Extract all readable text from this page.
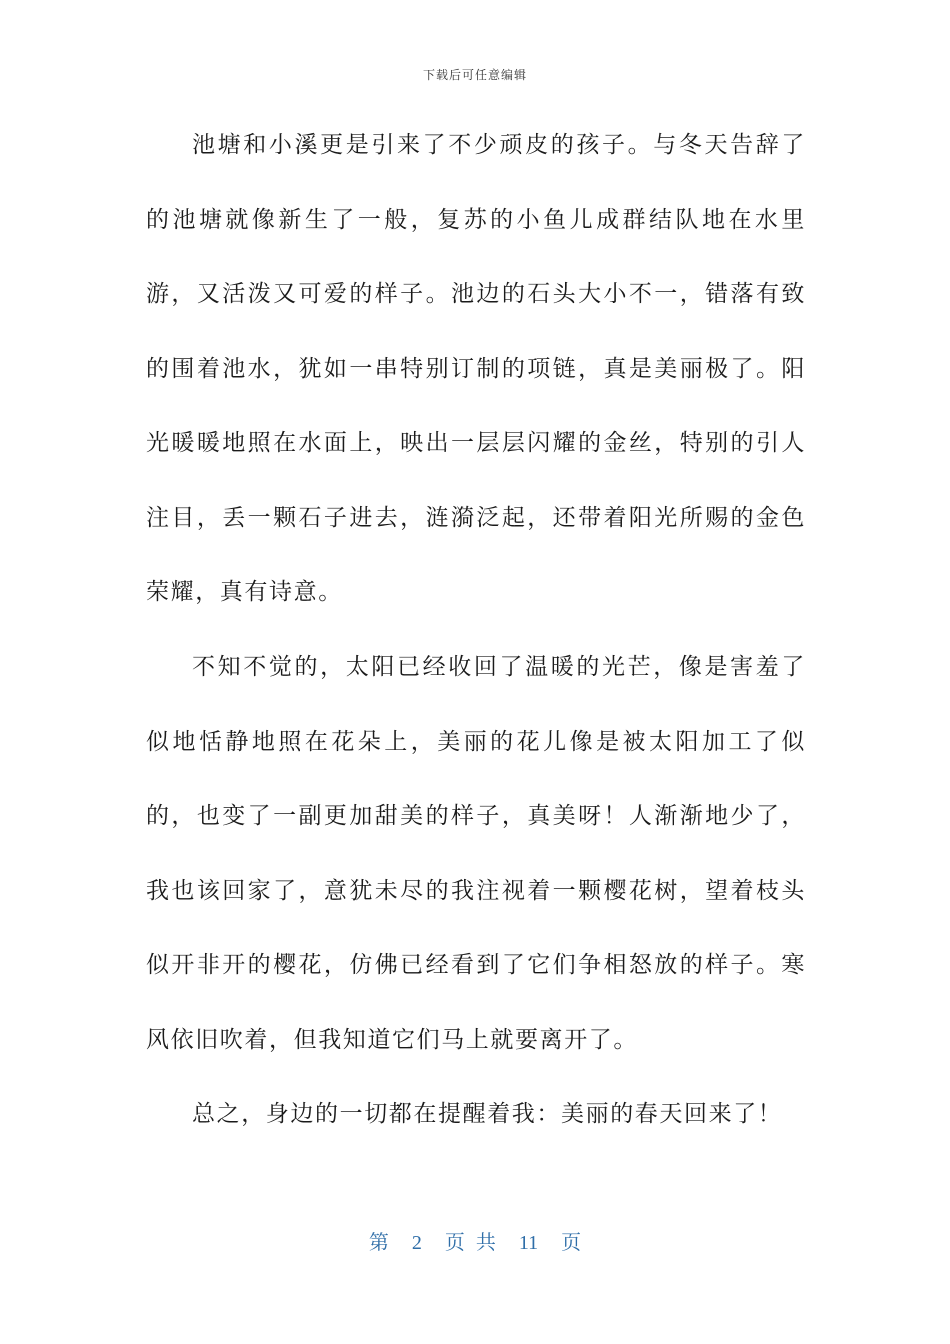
下载后可任意编辑

池塘和小溪更是引来了不少顽皮的孩子。与冬天告辞了的池塘就像新生了一般，复苏的小鱼儿成群结队地在水里游，又活泼又可爱的样子。池边的石头大小不一，错落有致的围着池水，犹如一串特别订制的项链，真是美丽极了。阳光暖暖地照在水面上，映出一层层闪耀的金丝，特别的引人注目，丢一颗石子进去，涟漪泛起，还带着阳光所赐的金色荣耀，真有诗意。

不知不觉的，太阳已经收回了温暖的光芒，像是害羞了似地恬静地照在花朵上，美丽的花儿像是被太阳加工了似的，也变了一副更加甜美的样子，真美呀！人渐渐地少了，我也该回家了，意犹未尽的我注视着一颗樱花树，望着枝头似开非开的樱花，仿佛已经看到了它们争相怒放的样子。寒风依旧吹着，但我知道它们马上就要离开了。

总之，身边的一切都在提醒着我：美丽的春天回来了！

第 2 页 共 11 页
